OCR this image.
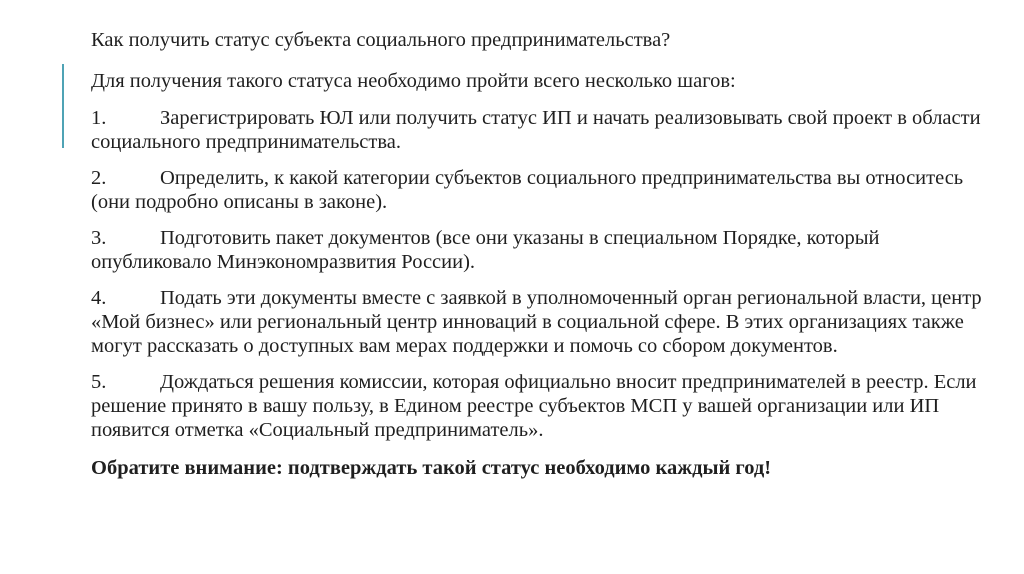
Как получить статус субъекта социального предпринимательства?

Для получения такого статуса необходимо пройти всего несколько шагов:

1.	Зарегистрировать ЮЛ или получить статус ИП и начать реализовывать свой проект в области социального предпринимательства.

2.	Определить, к какой категории субъектов социального предпринимательства вы относитесь (они подробно описаны в законе).

3.	Подготовить пакет документов (все они указаны в специальном Порядке, который опубликовало Минэкономразвития России).

4.	Подать эти документы вместе с заявкой в уполномоченный орган региональной власти, центр «Мой бизнес» или региональный центр инноваций в социальной сфере. В этих организациях также могут рассказать о доступных вам мерах поддержки и помочь со сбором документов.

5.	Дождаться решения комиссии, которая официально вносит предпринимателей в реестр. Если решение принято в вашу пользу, в Едином реестре субъектов МСП у вашей организации или ИП появится отметка «Социальный предприниматель».

Обратите внимание: подтверждать такой статус необходимо каждый год!
